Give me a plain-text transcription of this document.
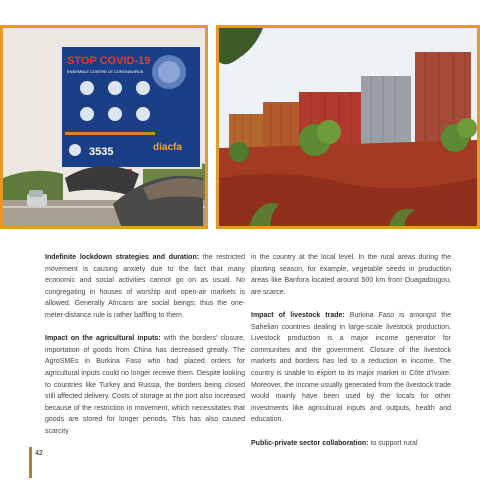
STOP COVID-19
ENSEMBLE CONTRE LE CORONAVIRUS
3535	diacfa

Indefinite lockdown strategies and duration: the restricted movement is causing anxiety due to the fact that many economic and social activities cannot go on as usual. No congregating in houses of worship and open-air markets is allowed. Generally Africans are social beings; thus the one-meter-distance rule is rather baffling to them.

Impact on the agricultural inputs: with the borders' closure, importation of goods from China has decreased greatly. The AgroSMEs in Burkina Faso who had placed orders for agricultural inputs could no longer receive them. Despite looking to countries like Turkey and Russia, the borders being closed still affected delivery. Costs of storage at the port also increased because of the restriction in movement, which necessitates that goods are stored for longer periods. This has also caused scarcity

in the country at the local level. In the rural areas during the planting season, for example, vegetable seeds in production areas like Banfora located around 500 km from Ouagadougou, are scarce.

Impact of livestock trade: Burkina Faso is amongst the Sahelian countries dealing in large-scale livestock production. Livestock production is a major income generator for communities and the government. Closure of the livestock markets and borders has led to a reduction in income. The country is unable to export to its major market in Côte d'Ivoire. Moreover, the income usually generated from the livestock trade would mainly have been used by the locals for other investments like agricultural inputs and outputs, health and education.

Public-private sector collaboration: to support rural

42
